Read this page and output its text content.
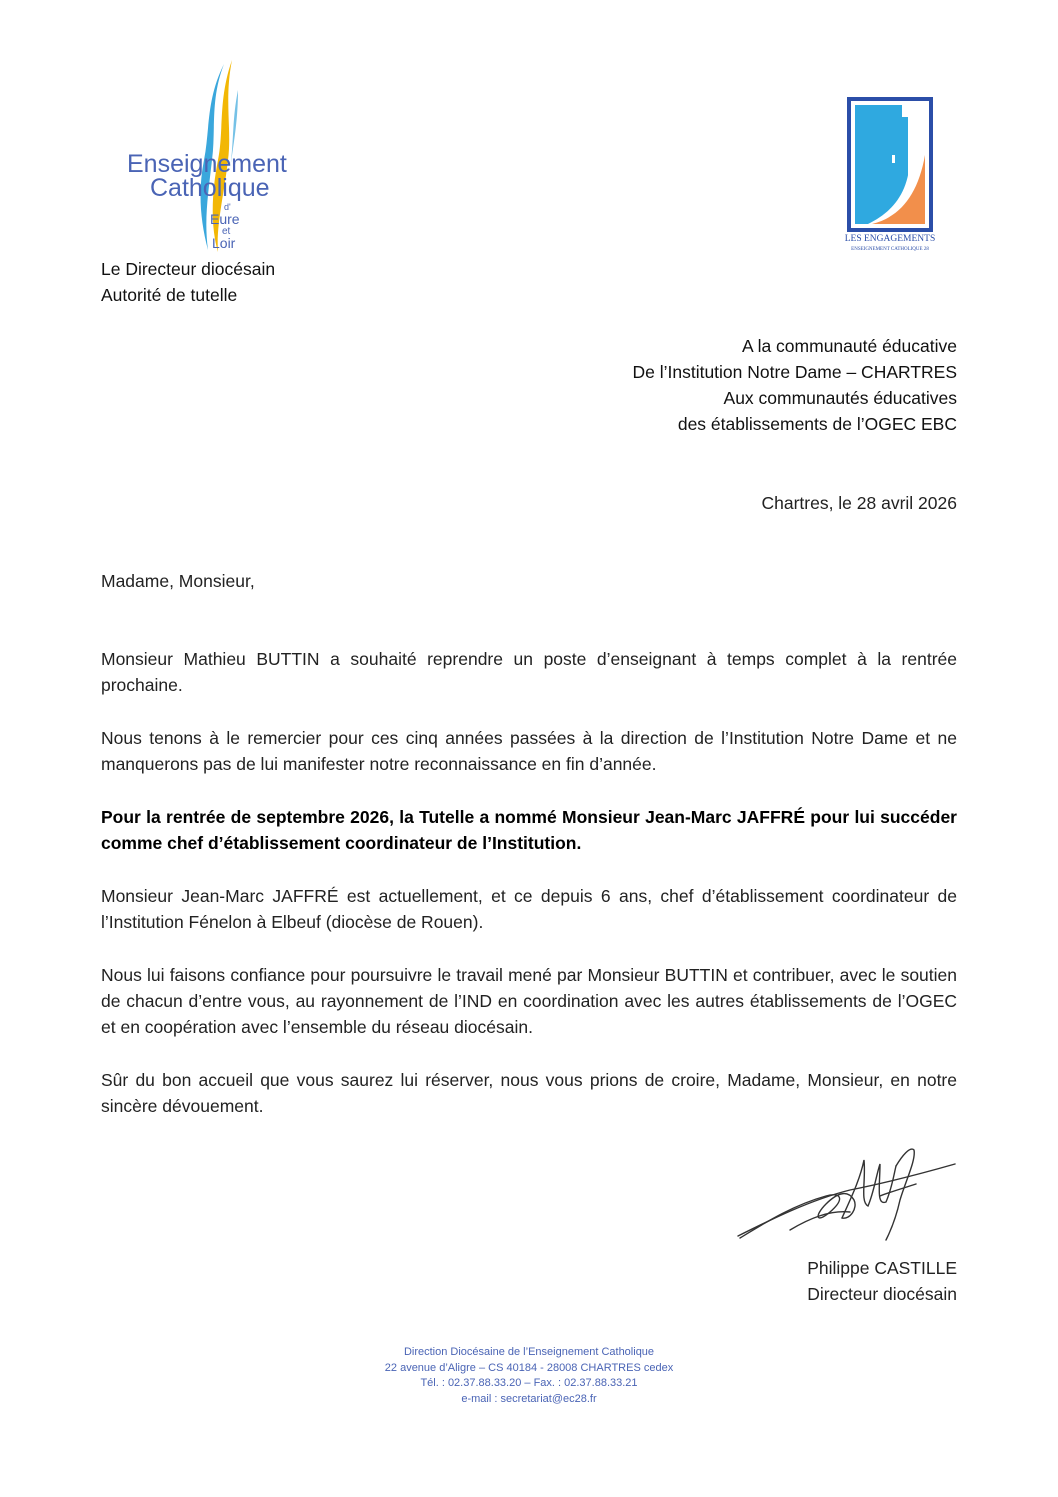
Enseignement
Catholique
d'
Eure
et
Loir	LES ENGAGEMENTS
ENSEIGNEMENT CATHOLIQUE 28
Le Directeur diocésain
Autorité de tutelle
A la communauté éducative
De l’Institution Notre Dame – CHARTRES
Aux communautés éducatives
des établissements de l’OGEC EBC
Chartres, le 28 avril 2026

Madame, Monsieur,

Monsieur Mathieu BUTTIN a souhaité reprendre un poste d’enseignant à temps complet à la rentrée prochaine.

Nous tenons à le remercier pour ces cinq années passées à la direction de l’Institution Notre Dame et ne manquerons pas de lui manifester notre reconnaissance en fin d’année.

Pour la rentrée de septembre 2026, la Tutelle a nommé Monsieur Jean-Marc JAFFRÉ pour lui succéder comme chef d’établissement coordinateur de l’Institution.

Monsieur Jean-Marc JAFFRÉ est actuellement, et ce depuis 6 ans, chef d’établissement coordinateur de l’Institution Fénelon à Elbeuf (diocèse de Rouen).

Nous lui faisons confiance pour poursuivre le travail mené par Monsieur BUTTIN et contribuer, avec le soutien de chacun d’entre vous, au rayonnement de l’IND en coordination avec les autres établissements de l’OGEC et en coopération avec l’ensemble du réseau diocésain.

Sûr du bon accueil que vous saurez lui réserver, nous vous prions de croire, Madame, Monsieur, en notre sincère dévouement.

Philippe CASTILLE
Directeur diocésain
Direction Diocésaine de l’Enseignement Catholique
22 avenue d’Aligre – CS 40184 - 28008 CHARTRES cedex
Tél. : 02.37.88.33.20 – Fax. : 02.37.88.33.21
e-mail : secretariat@ec28.fr
